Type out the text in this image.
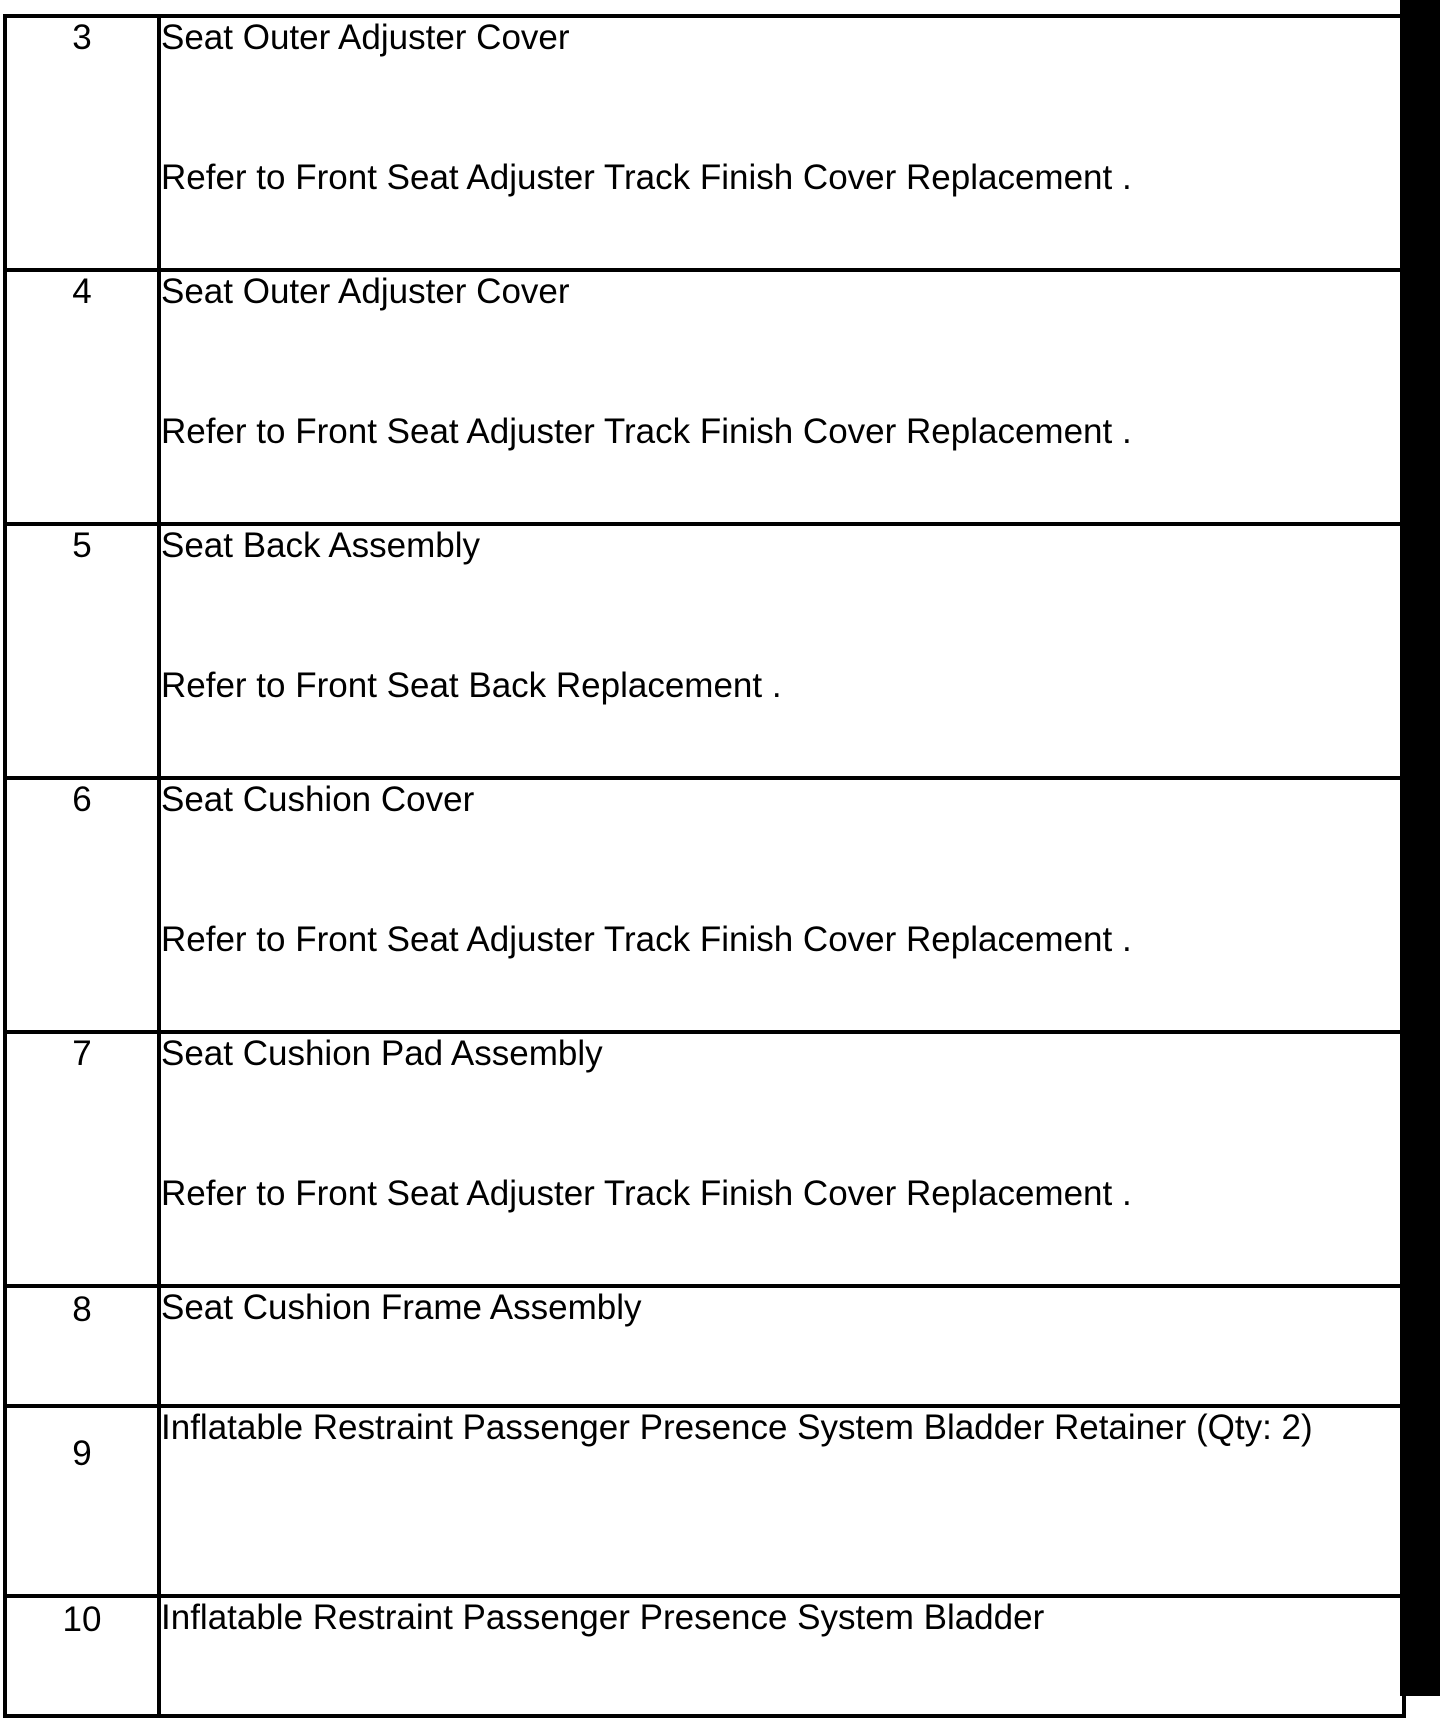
3	Seat Outer Adjuster Cover
Refer to Front Seat Adjuster Track Finish Cover Replacement .

4	Seat Outer Adjuster Cover
Refer to Front Seat Adjuster Track Finish Cover Replacement .

5	Seat Back Assembly
Refer to Front Seat Back Replacement .

6	Seat Cushion Cover
Refer to Front Seat Adjuster Track Finish Cover Replacement .

7	Seat Cushion Pad Assembly
Refer to Front Seat Adjuster Track Finish Cover Replacement .

8	Seat Cushion Frame Assembly

9	Inflatable Restraint Passenger Presence System Bladder Retainer (Qty: 2)

10	Inflatable Restraint Passenger Presence System Bladder
